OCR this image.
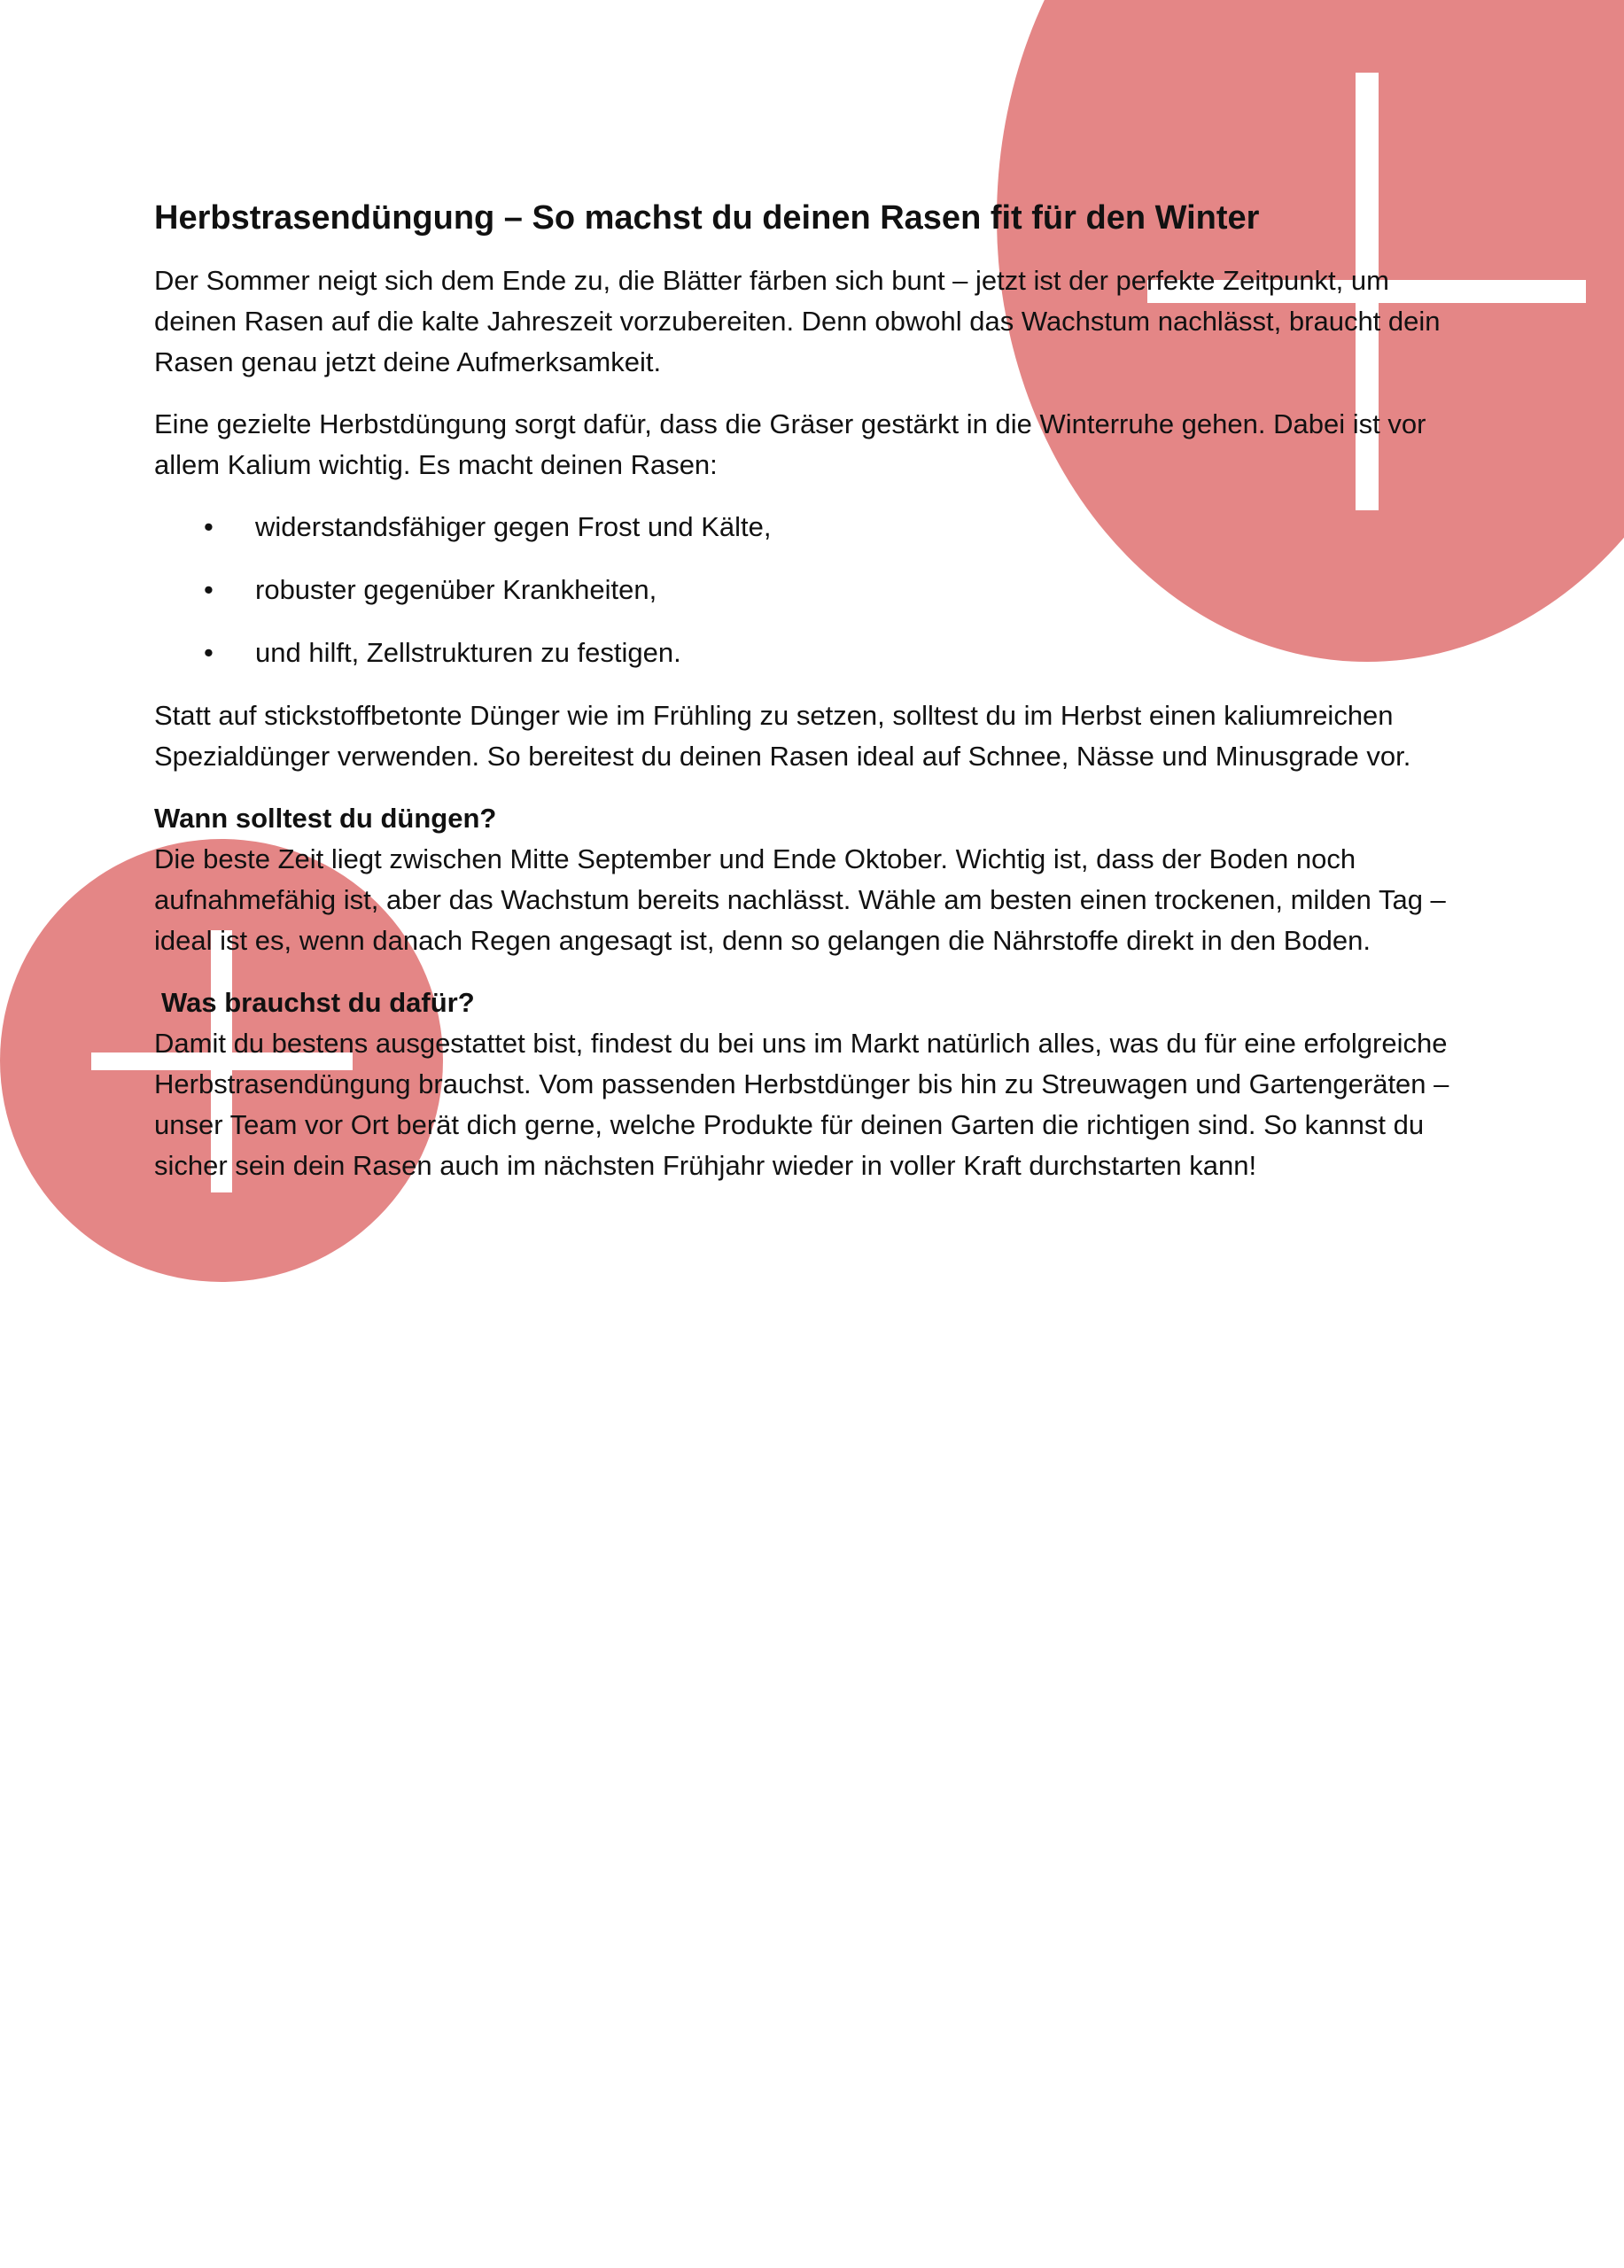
Herbstrasendüngung – So machst du deinen Rasen fit für den Winter

Der Sommer neigt sich dem Ende zu, die Blätter färben sich bunt – jetzt ist der perfekte Zeitpunkt, um deinen Rasen auf die kalte Jahreszeit vorzubereiten. Denn obwohl das Wachstum nachlässt, braucht dein Rasen genau jetzt deine Aufmerksamkeit.

Eine gezielte Herbstdüngung sorgt dafür, dass die Gräser gestärkt in die Winterruhe gehen. Dabei ist vor allem Kalium wichtig. Es macht deinen Rasen:

• widerstandsfähiger gegen Frost und Kälte,
• robuster gegenüber Krankheiten,
• und hilft, Zellstrukturen zu festigen.

Statt auf stickstoffbetonte Dünger wie im Frühling zu setzen, solltest du im Herbst einen kaliumreichen Spezialdünger verwenden. So bereitest du deinen Rasen ideal auf Schnee, Nässe und Minusgrade vor.

Wann solltest du düngen?
Die beste Zeit liegt zwischen Mitte September und Ende Oktober. Wichtig ist, dass der Boden noch aufnahmefähig ist, aber das Wachstum bereits nachlässt. Wähle am besten einen trockenen, milden Tag – ideal ist es, wenn danach Regen angesagt ist, denn so gelangen die Nährstoffe direkt in den Boden.
Was brauchst du dafür?
Damit du bestens ausgestattet bist, findest du bei uns im Markt natürlich alles, was du für eine erfolgreiche Herbstrasendüngung brauchst. Vom passenden Herbstdünger bis hin zu Streuwagen und Gartengeräten – unser Team vor Ort berät dich gerne, welche Produkte für deinen Garten die richtigen sind. So kannst du sicher sein dein Rasen auch im nächsten Frühjahr wieder in voller Kraft durchstarten kann!
